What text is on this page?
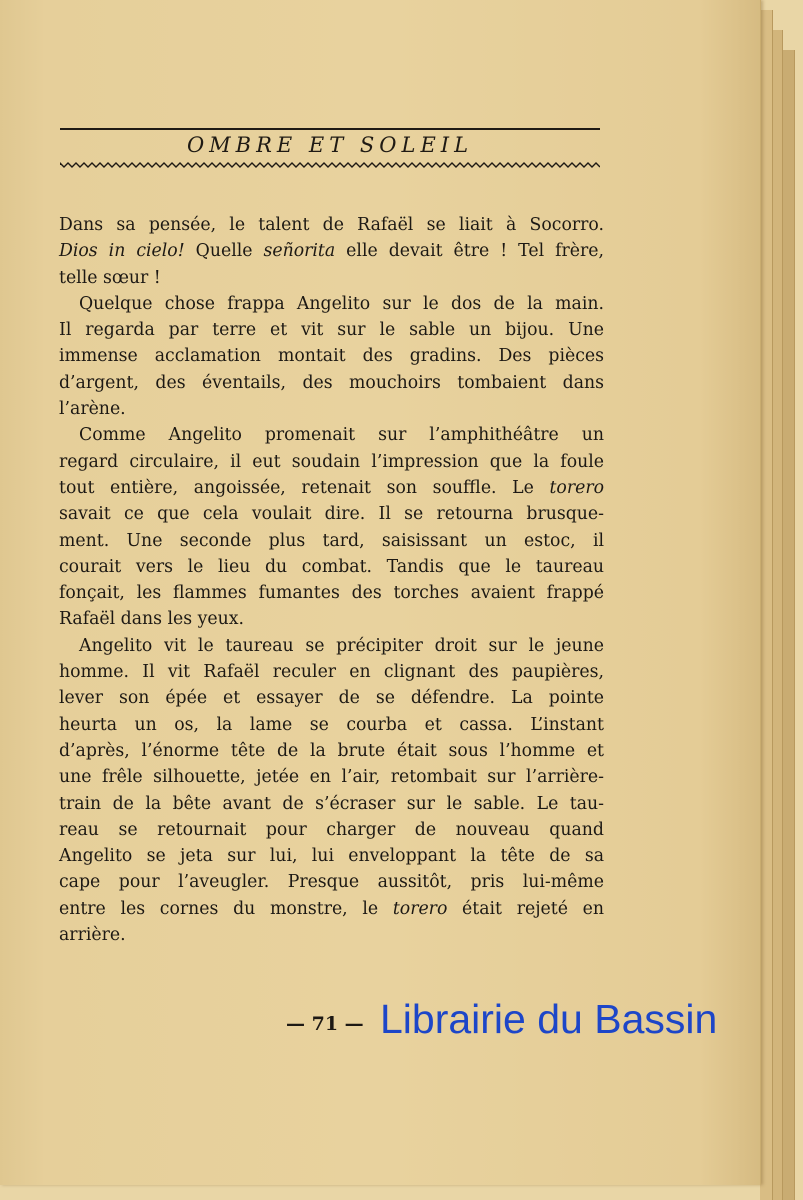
OMBRE ET SOLEIL
Dans sa pensée, le talent de Rafaël se liait à Socorro.
Dios in cielo! Quelle señorita elle devait être ! Tel frère,
telle sœur !
Quelque chose frappa Angelito sur le dos de la main.
Il regarda par terre et vit sur le sable un bijou. Une
immense acclamation montait des gradins. Des pièces
d’argent, des éventails, des mouchoirs tombaient dans
l’arène.
Comme Angelito promenait sur l’amphithéâtre un
regard circulaire, il eut soudain l’impression que la foule
tout entière, angoissée, retenait son souffle. Le torero
savait ce que cela voulait dire. Il se retourna brusque-
ment. Une seconde plus tard, saisissant un estoc, il
courait vers le lieu du combat. Tandis que le taureau
fonçait, les flammes fumantes des torches avaient frappé
Rafaël dans les yeux.
Angelito vit le taureau se précipiter droit sur le jeune
homme. Il vit Rafaël reculer en clignant des paupières,
lever son épée et essayer de se défendre. La pointe
heurta un os, la lame se courba et cassa. L’instant
d’après, l’énorme tête de la brute était sous l’homme et
une frêle silhouette, jetée en l’air, retombait sur l’arrière-
train de la bête avant de s’écraser sur le sable. Le tau-
reau se retournait pour charger de nouveau quand
Angelito se jeta sur lui, lui enveloppant la tête de sa
cape pour l’aveugler. Presque aussitôt, pris lui-même
entre les cornes du monstre, le torero était rejeté en
arrière.
— 71 — Librairie du Bassin
